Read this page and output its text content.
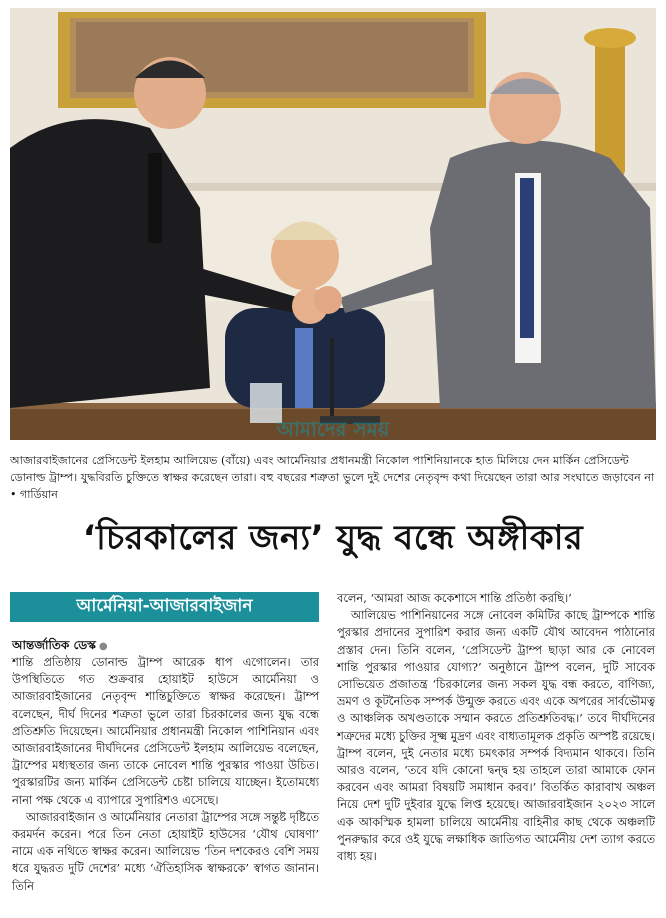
আমাদের সময়
আজারবাইজানের প্রেসিডেন্ট ইলহাম আলিয়েভ (বাঁয়ে) এবং আর্মেনিয়ার প্রধানমন্ত্রী নিকোল পাশিনিয়ানকে হাত মিলিয়ে দেন মার্কিন প্রেসিডেন্ট ডোনাল্ড ট্রাম্প। যুদ্ধবিরতি চুক্তিতে স্বাক্ষর করেছেন তারা। বহু বছরের শত্রুতা ভুলে দুই দেশের নেতৃবৃন্দ কথা দিয়েছেন তারা আর সংঘাতে জড়াবেন না • গার্ডিয়ান
‘চিরকালের জন্য’ যুদ্ধ বন্ধে অঙ্গীকার
আর্মেনিয়া-আজারবাইজান
আন্তর্জাতিক ডেস্ক ●

শান্তি প্রতিষ্ঠায় ডোনাল্ড ট্রাম্প আরেক ধাপ এগোলেন। তার উপস্থিতিতে গত শুক্রবার হোয়াইট হাউসে আর্মেনিয়া ও আজারবাইজানের নেতৃবৃন্দ শান্তিচুক্তিতে স্বাক্ষর করেছেন। ট্রাম্প বলেছেন, দীর্ঘ দিনের শত্রুতা ভুলে তারা চিরকালের জন্য যুদ্ধ বন্ধে প্রতিশ্রুতি দিয়েছেন। আর্মেনিয়ার প্রধানমন্ত্রী নিকোল পাশিনিয়ান এবং আজারবাইজানের দীর্ঘদিনের প্রেসিডেন্ট ইলহাম আলিয়েভ বলেছেন, ট্রাম্পের মধ্যস্থতার জন্য তাকে নোবেল শান্তি পুরস্কার পাওয়া উচিত। পুরস্কারটির জন্য মার্কিন প্রেসিডেন্ট চেষ্টা চালিয়ে যাচ্ছেন। ইতোমধ্যে নানা পক্ষ থেকে এ ব্যাপারে সুপারিশও এসেছে।

আজারবাইজান ও আর্মেনিয়ার নেতারা ট্রাম্পের সঙ্গে সন্তুষ্ট দৃষ্টিতে করমর্দন করেন। পরে তিন নেতা হোয়াইট হাউসের ‘যৌথ ঘোষণা’ নামে এক নথিতে স্বাক্ষর করেন। আলিয়েভ ‘তিন দশকেরও বেশি সময় ধরে যুদ্ধরত দুটি দেশের’ মধ্যে ‘ঐতিহাসিক স্বাক্ষরকে’ স্বাগত জানান। তিনি

বলেন, ‘আমরা আজ ককেশাসে শান্তি প্রতিষ্ঠা করছি।’

আলিয়েভ পাশিনিয়ানের সঙ্গে নোবেল কমিটির কাছে ট্রাম্পকে শান্তি পুরস্কার প্রদানের সুপারিশ করার জন্য একটি যৌথ আবেদন পাঠানোর প্রস্তাব দেন। তিনি বলেন, ‘প্রেসিডেন্ট ট্রাম্প ছাড়া আর কে নোবেল শান্তি পুরস্কার পাওয়ার যোগ্য?’ অনুষ্ঠানে ট্রাম্প বলেন, দুটি সাবেক সোভিয়েত প্রজাতন্ত্র ‘চিরকালের জন্য সকল যুদ্ধ বন্ধ করতে, বাণিজ্য, ভ্রমণ ও কূটনৈতিক সম্পর্ক উন্মুক্ত করতে এবং একে অপরের সার্বভৌমত্ব ও আঞ্চলিক অখণ্ডতাকে সম্মান করতে প্রতিশ্রুতিবদ্ধ।’ তবে দীর্ঘদিনের শত্রুদের মধ্যে চুক্তির সূক্ষ্ম মুদ্রণ এবং বাধ্যতামূলক প্রকৃতি অস্পষ্ট রয়েছে। ট্রাম্প বলেন, দুই নেতার মধ্যে চমৎকার সম্পর্ক বিদ্যমান থাকবে। তিনি আরও বলেন, ‘তবে যদি কোনো দ্বন্দ্ব হয় তাহলে তারা আমাকে ফোন করবেন এবং আমরা বিষয়টি সমাধান করব।’ বিতর্কিত কারাবাখ অঞ্চল নিয়ে দেশ দুটি দুইবার যুদ্ধে লিপ্ত হয়েছে। আজারবাইজান ২০২৩ সালে এক আকস্মিক হামলা চালিয়ে আর্মেনীয় বাহিনীর কাছ থেকে অঞ্চলটি পুনরুদ্ধার করে ওই যুদ্ধে লক্ষাধিক জাতিগত আর্মেনীয় দেশ ত্যাগ করতে বাধ্য হয়।
